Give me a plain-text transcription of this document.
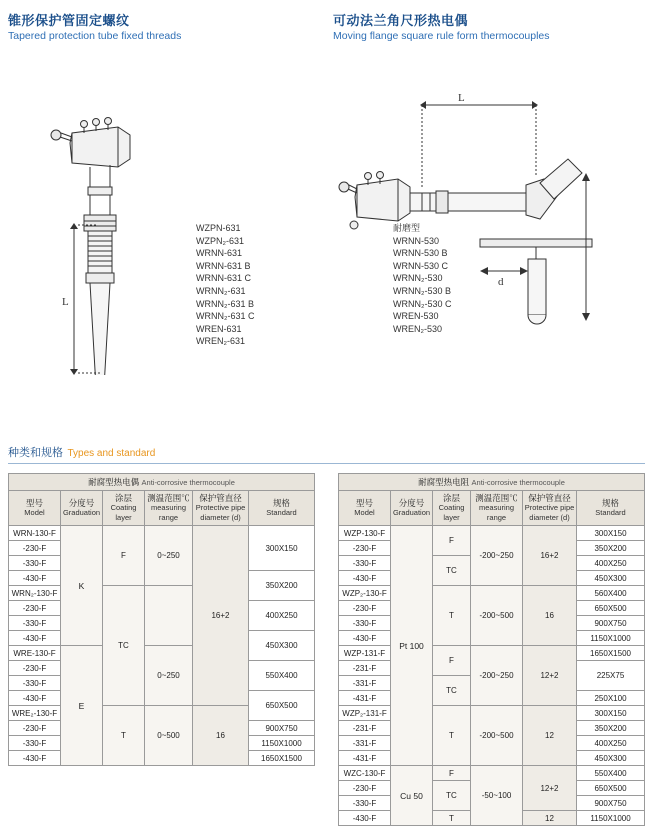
锥形保护管固定螺纹
Tapered protection tube fixed threads
可动法兰角尺形热电偶
Moving flange square rule form thermocouples
L
WZPN-631
WZPN₂-631
WRNN-631
WRNN-631 B
WRNN-631 C
WRNN₂-631
WRNN₂-631 B
WRNN₂-631 C
WREN-631
WREN₂-631
L
d
耐磨型
WRNN-530
WRNN-530 B
WRNN-530 C
WRNN₂-530
WRNN₂-530 B
WRNN₂-530 C
WREN-530
WREN₂-530
种类和规格 Types and standard
耐腐型热电偶 Anti-corrosive thermocouple					

型号
Model	分度号
Graduation	涂层
Coating layer	测温范围℃
measuring range	保护管直径
Protective pipe diameter (d)	规格
Standard

WRN-130-F	K	F	0~250	16+2	300X150
-230-F					
-330-F					
-430-F					350X200
WRN₂-130-F		TC			
-230-F					400X250
-330-F					
-430-F					450X300
WRE-130-F	E		0~250		
-230-F					550X400
-330-F					
-430-F					650X500
WRE₂-130-F		T	0~500	16	
-230-F					900X750
-330-F					1150X1000
-430-F					1650X1500
耐腐型热电阻 Anti-corrosive thermocouple					

型号
Model	分度号
Graduation	涂层
Coating layer	测温范围℃
measuring range	保护管直径
Protective pipe diameter (d)	规格
Standard

WZP-130-F	Pt 100	F	-200~250	16+2	300X150
-230-F					350X200
-330-F		TC			400X250
-430-F					450X300
WZP₂-130-F		T	-200~500	16	560X400
-230-F					650X500
-330-F					900X750
-430-F					1150X1000
WZP-131-F		F	-200~250	12+2	1650X1500
-231-F					225X75
-331-F		TC			
-431-F					250X100
WZP₂-131-F		T	-200~500	12	300X150
-231-F					350X200
-331-F					400X250
-431-F					450X300
WZC-130-F	Cu 50	F	-50~100	12+2	550X400
-230-F		TC			650X500
-330-F					900X750
-430-F		T		12	1150X1000
